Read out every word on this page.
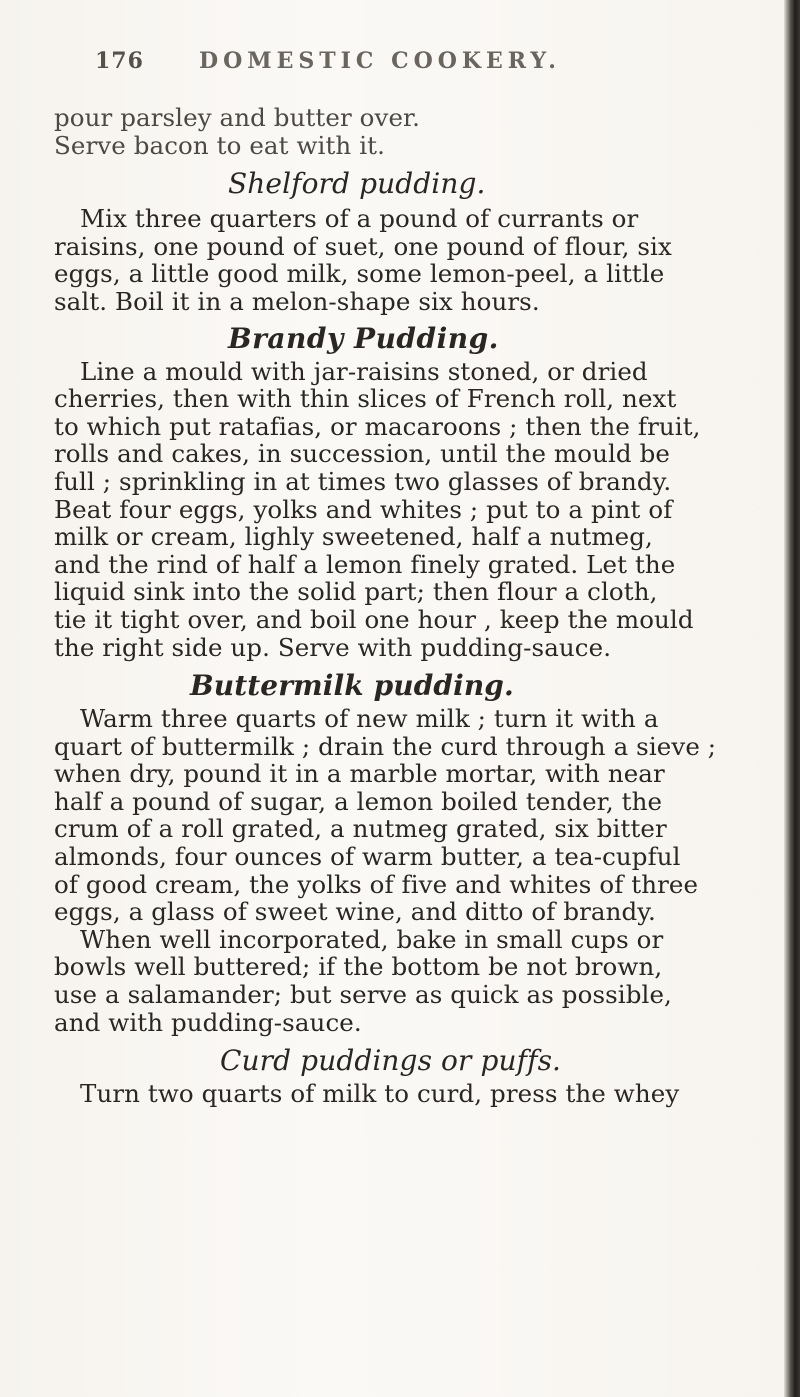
176	DOMESTIC COOKERY.
pour parsley and butter over.
Serve bacon to eat with it.
Shelford pudding.
Mix three quarters of a pound of currants or
raisins, one pound of suet, one pound of flour, six
eggs, a little good milk, some lemon-peel, a little
salt. Boil it in a melon-shape six hours.
Brandy Pudding.
Line a mould with jar-raisins stoned, or dried
cherries, then with thin slices of French roll, next
to which put ratafias, or macaroons ; then the fruit,
rolls and cakes, in succession, until the mould be
full ; sprinkling in at times two glasses of brandy.
Beat four eggs, yolks and whites ; put to a pint of
milk or cream, lighly sweetened, half a nutmeg,
and the rind of half a lemon finely grated. Let the
liquid sink into the solid part; then flour a cloth,
tie it tight over, and boil one hour , keep the mould
the right side up. Serve with pudding-sauce.
Buttermilk pudding.
Warm three quarts of new milk ; turn it with a
quart of buttermilk ; drain the curd through a sieve ;
when dry, pound it in a marble mortar, with near
half a pound of sugar, a lemon boiled tender, the
crum of a roll grated, a nutmeg grated, six bitter
almonds, four ounces of warm butter, a tea-cupful
of good cream, the yolks of five and whites of three
eggs, a glass of sweet wine, and ditto of brandy.
When well incorporated, bake in small cups or
bowls well buttered; if the bottom be not brown,
use a salamander; but serve as quick as possible,
and with pudding-sauce.
Curd puddings or puffs.
Turn two quarts of milk to curd, press the whey
